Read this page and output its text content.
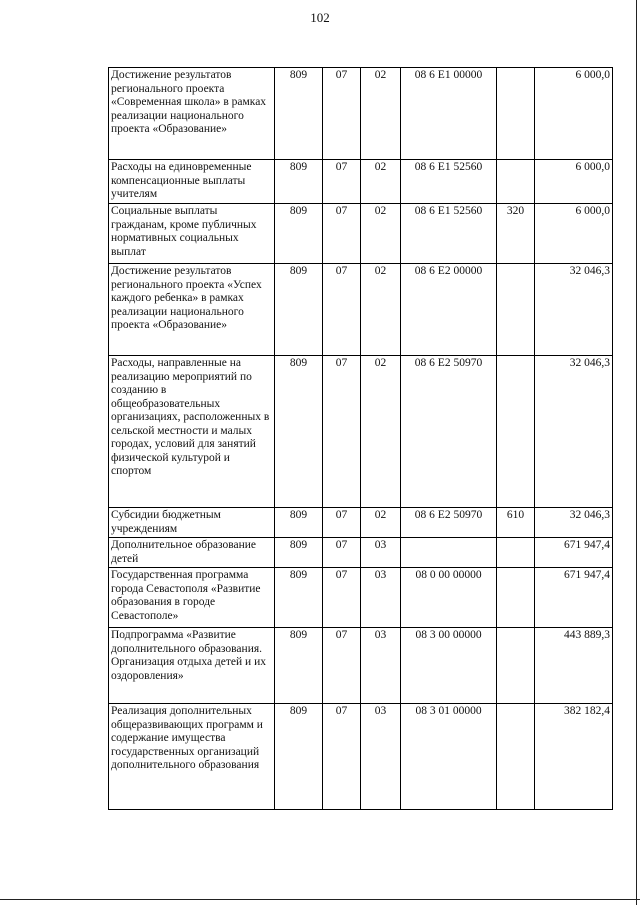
102
Достижение результатов регионального проекта «Современная школа» в рамках реализации национального проекта «Образование»	809	07	02	08 6 E1 00000		6 000,0
Расходы на единовременные компенсационные выплаты учителям	809	07	02	08 6 E1 52560		6 000,0
Социальные выплаты гражданам, кроме публичных нормативных социальных выплат	809	07	02	08 6 E1 52560	320	6 000,0
Достижение результатов регионального проекта «Успех каждого ребенка» в рамках реализации национального проекта «Образование»	809	07	02	08 6 E2 00000		32 046,3
Расходы, направленные на реализацию мероприятий по созданию в общеобразовательных организациях, расположенных в сельской местности и малых городах, условий для занятий физической культурой и спортом	809	07	02	08 6 E2 50970		32 046,3
Субсидии бюджетным учреждениям	809	07	02	08 6 E2 50970	610	32 046,3
Дополнительное образование детей	809	07	03			671 947,4
Государственная программа города Севастополя «Развитие образования в городе Севастополе»	809	07	03	08 0 00 00000		671 947,4
Подпрограмма «Развитие дополнительного образования. Организация отдыха детей и их оздоровления»	809	07	03	08 3 00 00000		443 889,3
Реализация дополнительных общеразвивающих программ и содержание имущества государственных организаций дополнительного образования	809	07	03	08 3 01 00000		382 182,4
